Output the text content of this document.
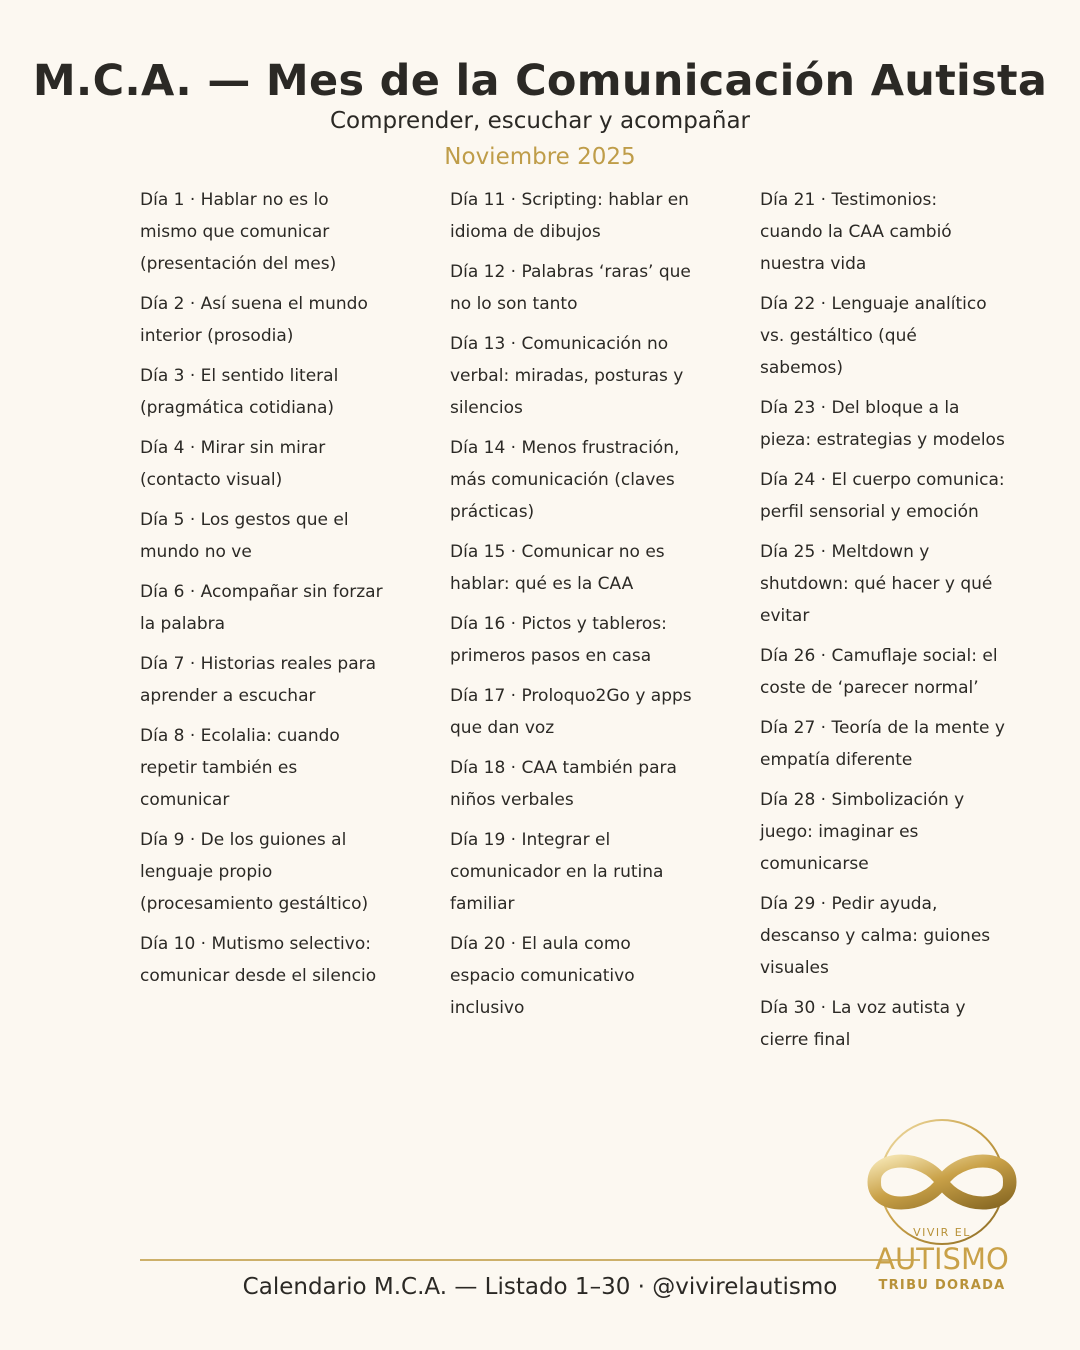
M.C.A. — Mes de la Comunicación Autista
Comprender, escuchar y acompañar
Noviembre 2025
Día 1 · Hablar no es lo mismo que comunicar (presentación del mes)
Día 2 · Así suena el mundo interior (prosodia)
Día 3 · El sentido literal (pragmática cotidiana)
Día 4 · Mirar sin mirar (contacto visual)
Día 5 · Los gestos que el mundo no ve
Día 6 · Acompañar sin forzar la palabra
Día 7 · Historias reales para aprender a escuchar
Día 8 · Ecolalia: cuando repetir también es comunicar
Día 9 · De los guiones al lenguaje propio (procesamiento gestáltico)
Día 10 · Mutismo selectivo: comunicar desde el silencio
Día 11 · Scripting: hablar en idioma de dibujos
Día 12 · Palabras ‘raras’ que no lo son tanto
Día 13 · Comunicación no verbal: miradas, posturas y silencios
Día 14 · Menos frustración, más comunicación (claves prácticas)
Día 15 · Comunicar no es hablar: qué es la CAA
Día 16 · Pictos y tableros: primeros pasos en casa
Día 17 · Proloquo2Go y apps que dan voz
Día 18 · CAA también para niños verbales
Día 19 · Integrar el comunicador en la rutina familiar
Día 20 · El aula como espacio comunicativo inclusivo
Día 21 · Testimonios: cuando la CAA cambió nuestra vida
Día 22 · Lenguaje analítico vs. gestáltico (qué sabemos)
Día 23 · Del bloque a la pieza: estrategias y modelos
Día 24 · El cuerpo comunica: perfil sensorial y emoción
Día 25 · Meltdown y shutdown: qué hacer y qué evitar
Día 26 · Camuflaje social: el coste de ‘parecer normal’
Día 27 · Teoría de la mente y empatía diferente
Día 28 · Simbolización y juego: imaginar es comunicarse
Día 29 · Pedir ayuda, descanso y calma: guiones visuales
Día 30 · La voz autista y cierre final
Calendario M.C.A. — Listado 1–30 · @vivirelautismo
VIVIR EL
AUTISMO
TRIBU DORADA
